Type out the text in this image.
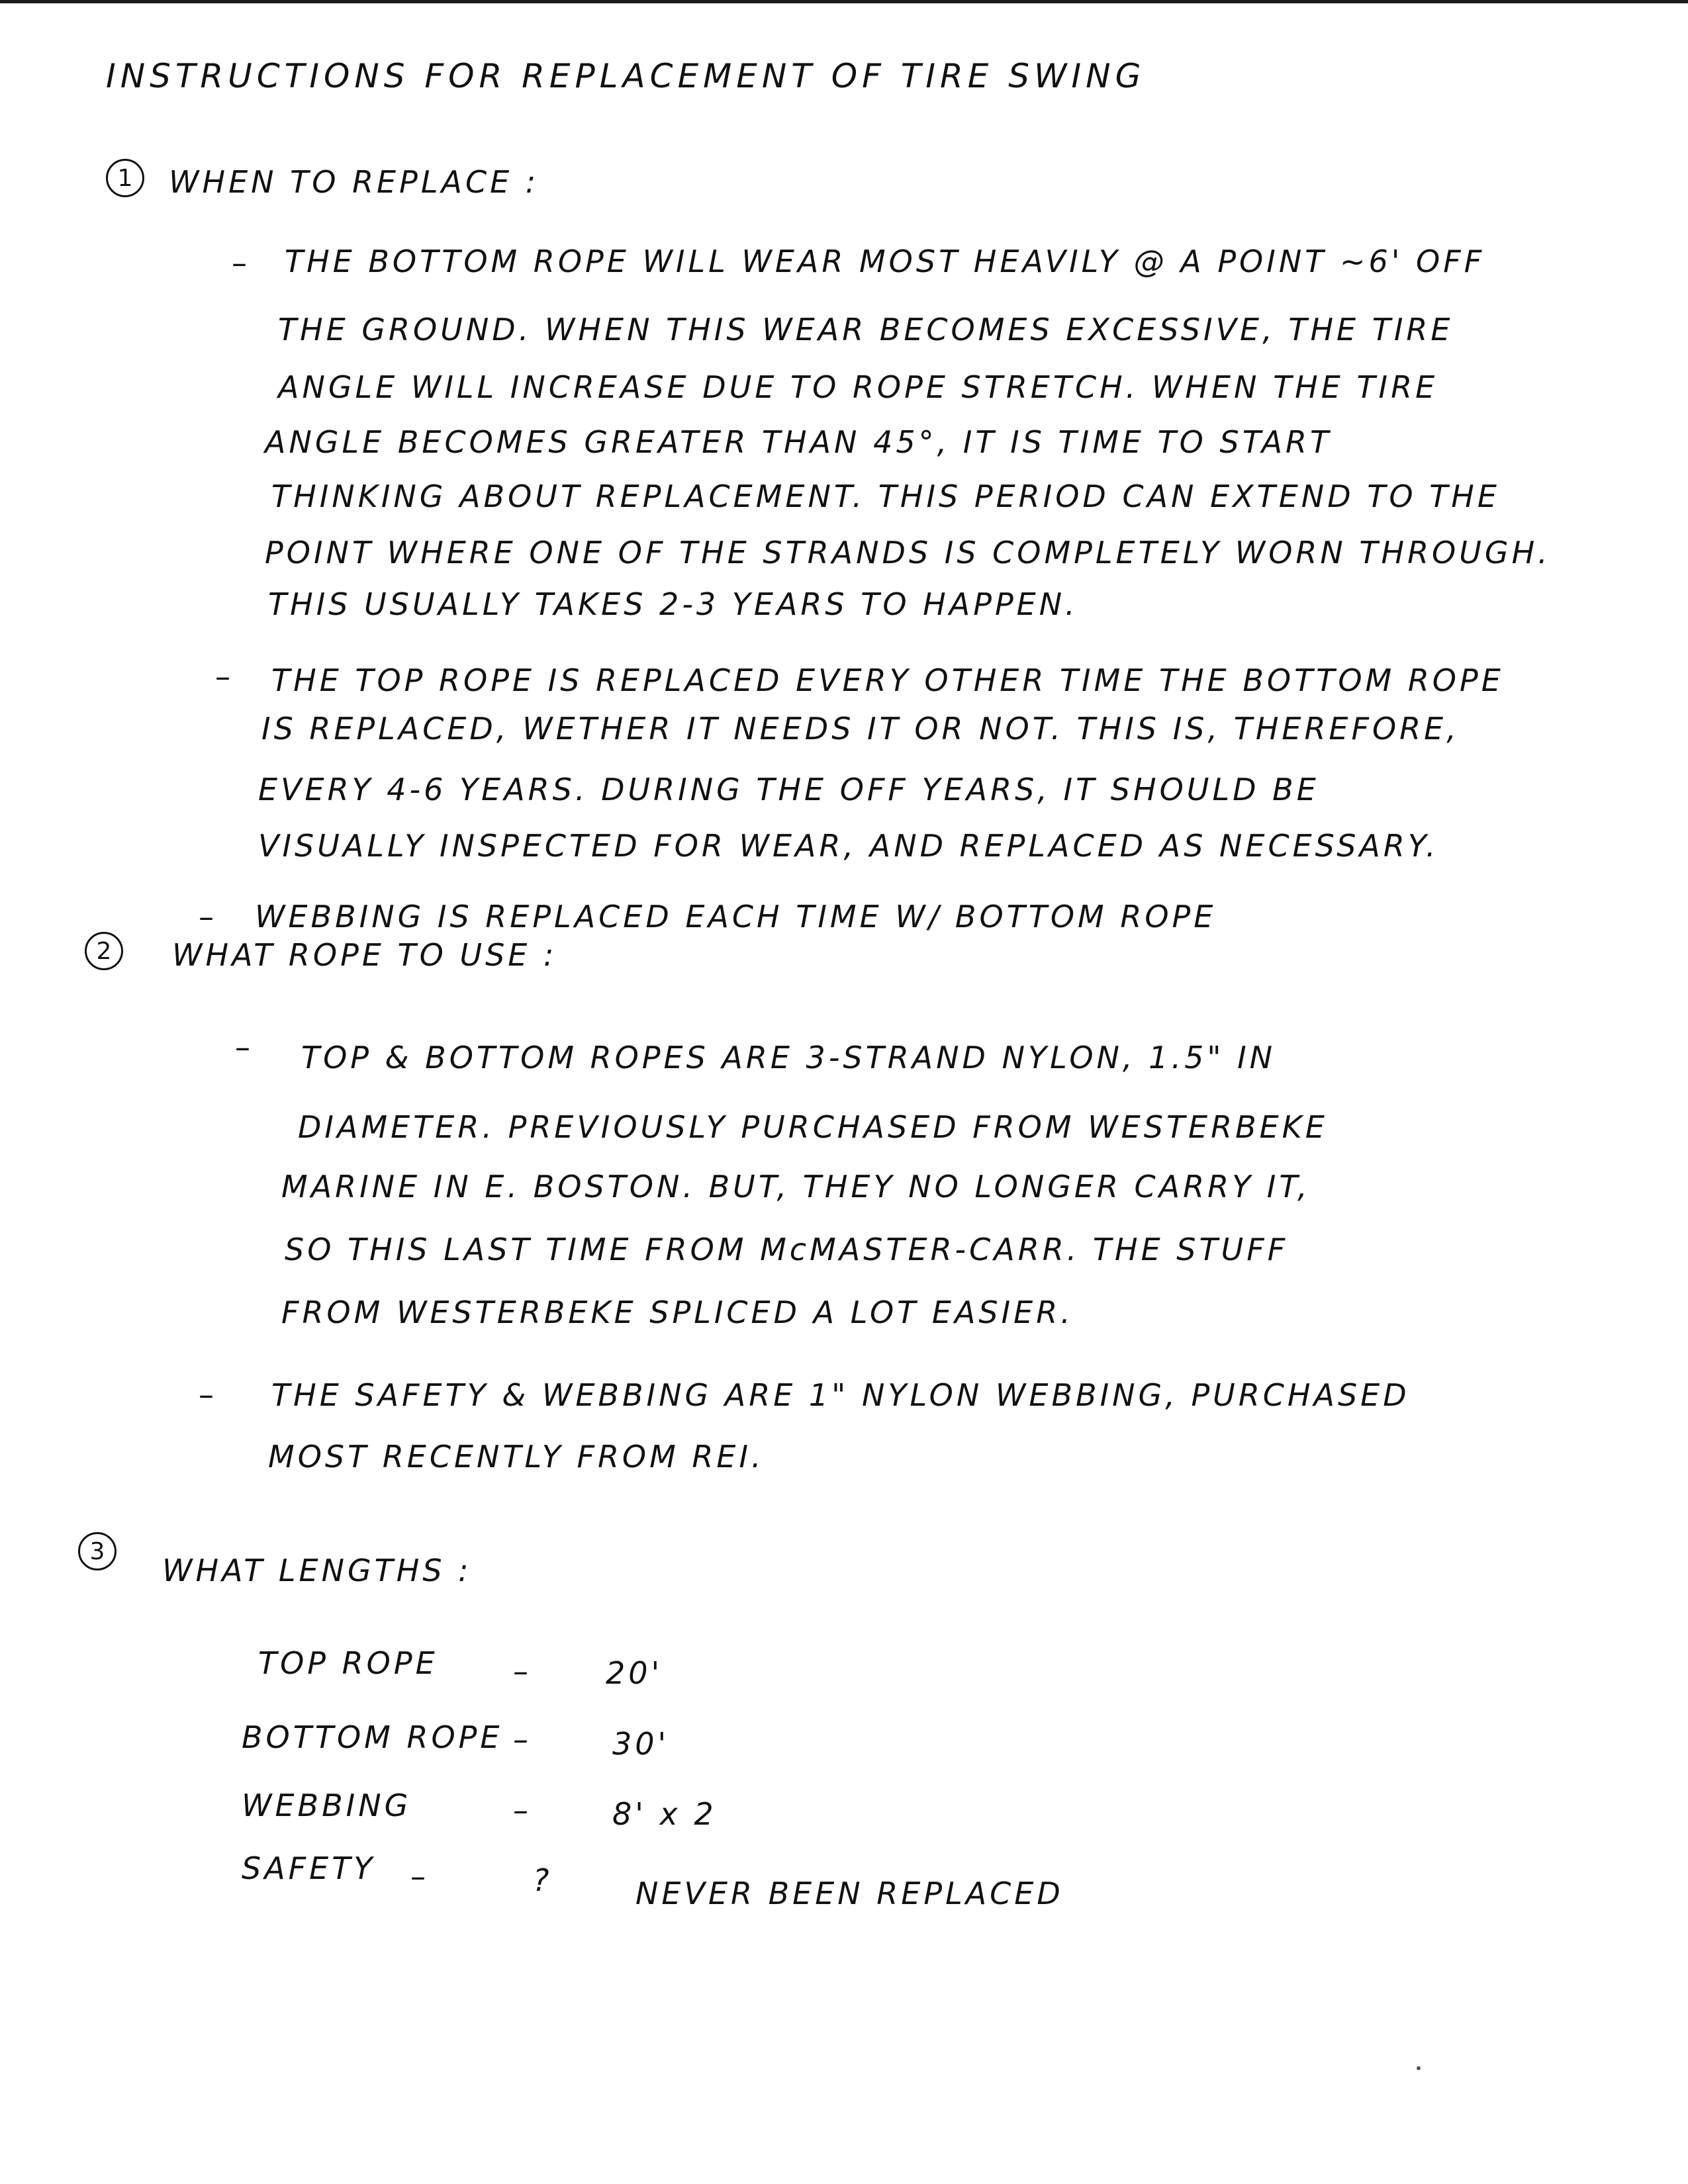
INSTRUCTIONS FOR REPLACEMENT OF TIRE SWING
1	WHEN TO REPLACE :
– THE BOTTOM ROPE WILL WEAR MOST HEAVILY @ A POINT ~6' OFF
THE GROUND. WHEN THIS WEAR BECOMES EXCESSIVE, THE TIRE
ANGLE WILL INCREASE DUE TO ROPE STRETCH. WHEN THE TIRE
ANGLE BECOMES GREATER THAN 45°, IT IS TIME TO START
THINKING ABOUT REPLACEMENT. THIS PERIOD CAN EXTEND TO THE
POINT WHERE ONE OF THE STRANDS IS COMPLETELY WORN THROUGH.
THIS USUALLY TAKES 2-3 YEARS TO HAPPEN.
– THE TOP ROPE IS REPLACED EVERY OTHER TIME THE BOTTOM ROPE
IS REPLACED, WETHER IT NEEDS IT OR NOT. THIS IS, THEREFORE,
EVERY 4-6 YEARS. DURING THE OFF YEARS, IT SHOULD BE
VISUALLY INSPECTED FOR WEAR, AND REPLACED AS NECESSARY.
– WEBBING IS REPLACED EACH TIME W/ BOTTOM ROPE
2	WHAT ROPE TO USE :
– TOP & BOTTOM ROPES ARE 3-STRAND NYLON, 1.5" IN
DIAMETER. PREVIOUSLY PURCHASED FROM WESTERBEKE
MARINE IN E. BOSTON. BUT, THEY NO LONGER CARRY IT,
SO THIS LAST TIME FROM McMASTER-CARR. THE STUFF
FROM WESTERBEKE SPLICED A LOT EASIER.
– THE SAFETY & WEBBING ARE 1" NYLON WEBBING, PURCHASED
MOST RECENTLY FROM REI.
3
WHAT LENGTHS :
TOP ROPE – 20'
BOTTOM ROPE –	30'
WEBBING	–	8' x 2
SAFETY –	?	NEVER BEEN REPLACED
